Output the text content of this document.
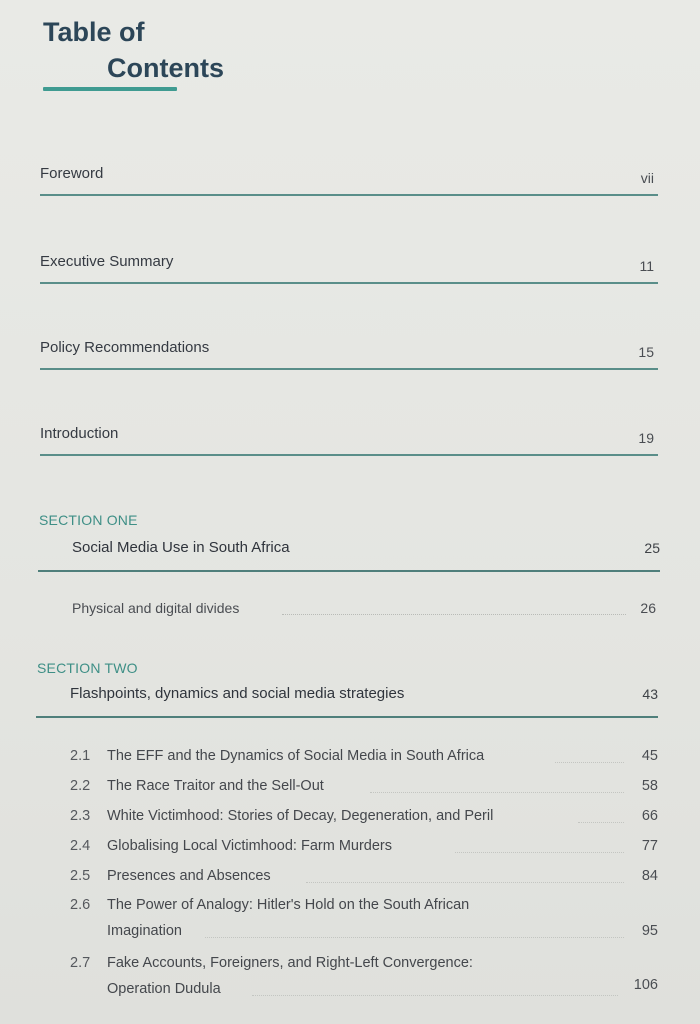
Table of
Contents
Foreword	vii
Executive Summary	11
Policy Recommendations	15
Introduction	19
SECTION ONE
Social Media Use in South Africa	25
Physical and digital divides	26
SECTION TWO
Flashpoints, dynamics and social media strategies	43
2.1	The EFF and the Dynamics of Social Media in South Africa	45
2.2	The Race Traitor and the Sell-Out	58
2.3	White Victimhood: Stories of Decay, Degeneration, and Peril	66
2.4	Globalising Local Victimhood: Farm Murders	77
2.5	Presences and Absences	84
2.6	The Power of Analogy: Hitler's Hold on the South African
Imagination	95
2.7	Fake Accounts, Foreigners, and Right-Left Convergence:
Operation Dudula	106
